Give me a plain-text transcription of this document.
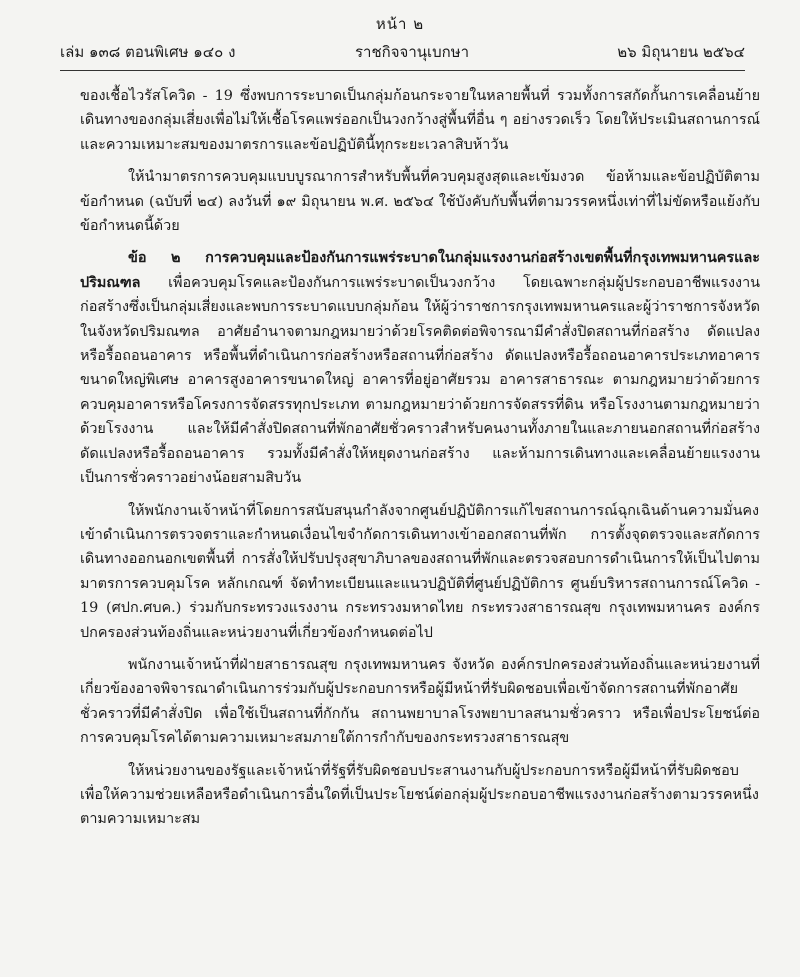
หน้า ๒
เล่ม ๑๓๘ ตอนพิเศษ ๑๔๐ ง	ราชกิจจานุเบกษา	๒๖ มิถุนายน ๒๕๖๔

ของเชื้อไวรัสโควิด - 19 ซึ่งพบการระบาดเป็นกลุ่มก้อนกระจายในหลายพื้นที่ รวมทั้งการสกัดกั้นการเคลื่อนย้ายเดินทางของกลุ่มเสี่ยงเพื่อไม่ให้เชื้อโรคแพร่ออกเป็นวงกว้างสู่พื้นที่อื่น ๆ อย่างรวดเร็ว โดยให้ประเมินสถานการณ์และความเหมาะสมของมาตรการและข้อปฏิบัตินี้ทุกระยะเวลาสิบห้าวัน

ให้นำมาตรการควบคุมแบบบูรณาการสำหรับพื้นที่ควบคุมสูงสุดและเข้มงวด ข้อห้ามและข้อปฏิบัติตามข้อกำหนด (ฉบับที่ ๒๔) ลงวันที่ ๑๙ มิถุนายน พ.ศ. ๒๕๖๔ ใช้บังคับกับพื้นที่ตามวรรคหนึ่งเท่าที่ไม่ขัดหรือแย้งกับข้อกำหนดนี้ด้วย

ข้อ ๒ การควบคุมและป้องกันการแพร่ระบาดในกลุ่มแรงงานก่อสร้างเขตพื้นที่กรุงเทพมหานครและปริมณฑล เพื่อควบคุมโรคและป้องกันการแพร่ระบาดเป็นวงกว้าง โดยเฉพาะกลุ่มผู้ประกอบอาชีพแรงงานก่อสร้างซึ่งเป็นกลุ่มเสี่ยงและพบการระบาดแบบกลุ่มก้อน ให้ผู้ว่าราชการกรุงเทพมหานครและผู้ว่าราชการจังหวัดในจังหวัดปริมณฑล อาศัยอำนาจตามกฎหมายว่าด้วยโรคติดต่อพิจารณามีคำสั่งปิดสถานที่ก่อสร้าง ดัดแปลงหรือรื้อถอนอาคาร หรือพื้นที่ดำเนินการก่อสร้างหรือสถานที่ก่อสร้าง ดัดแปลงหรือรื้อถอนอาคารประเภทอาคารขนาดใหญ่พิเศษ อาคารสูงอาคารขนาดใหญ่ อาคารที่อยู่อาศัยรวม อาคารสาธารณะ ตามกฎหมายว่าด้วยการควบคุมอาคารหรือโครงการจัดสรรทุกประเภท ตามกฎหมายว่าด้วยการจัดสรรที่ดิน หรือโรงงานตามกฎหมายว่าด้วยโรงงาน และให้มีคำสั่งปิดสถานที่พักอาศัยชั่วคราวสำหรับคนงานทั้งภายในและภายนอกสถานที่ก่อสร้าง ดัดแปลงหรือรื้อถอนอาคาร รวมทั้งมีคำสั่งให้หยุดงานก่อสร้าง และห้ามการเดินทางและเคลื่อนย้ายแรงงาน เป็นการชั่วคราวอย่างน้อยสามสิบวัน

ให้พนักงานเจ้าหน้าที่โดยการสนับสนุนกำลังจากศูนย์ปฏิบัติการแก้ไขสถานการณ์ฉุกเฉินด้านความมั่นคง เข้าดำเนินการตรวจตราและกำหนดเงื่อนไขจำกัดการเดินทางเข้าออกสถานที่พัก การตั้งจุดตรวจและสกัดการเดินทางออกนอกเขตพื้นที่ การสั่งให้ปรับปรุงสุขาภิบาลของสถานที่พักและตรวจสอบการดำเนินการให้เป็นไปตามมาตรการควบคุมโรค หลักเกณฑ์ จัดทำทะเบียนและแนวปฏิบัติที่ศูนย์ปฏิบัติการ ศูนย์บริหารสถานการณ์โควิด - 19 (ศปก.ศบค.) ร่วมกับกระทรวงแรงงาน กระทรวงมหาดไทย กระทรวงสาธารณสุข กรุงเทพมหานคร องค์กรปกครองส่วนท้องถิ่นและหน่วยงานที่เกี่ยวข้องกำหนดต่อไป

พนักงานเจ้าหน้าที่ฝ่ายสาธารณสุข กรุงเทพมหานคร จังหวัด องค์กรปกครองส่วนท้องถิ่นและหน่วยงานที่เกี่ยวข้องอาจพิจารณาดำเนินการร่วมกับผู้ประกอบการหรือผู้มีหน้าที่รับผิดชอบเพื่อเข้าจัดการสถานที่พักอาศัยชั่วคราวที่มีคำสั่งปิด เพื่อใช้เป็นสถานที่กักกัน สถานพยาบาลโรงพยาบาลสนามชั่วคราว หรือเพื่อประโยชน์ต่อการควบคุมโรคได้ตามความเหมาะสมภายใต้การกำกับของกระทรวงสาธารณสุข

ให้หน่วยงานของรัฐและเจ้าหน้าที่รัฐที่รับผิดชอบประสานงานกับผู้ประกอบการหรือผู้มีหน้าที่รับผิดชอบเพื่อให้ความช่วยเหลือหรือดำเนินการอื่นใดที่เป็นประโยชน์ต่อกลุ่มผู้ประกอบอาชีพแรงงานก่อสร้างตามวรรคหนึ่งตามความเหมาะสม
